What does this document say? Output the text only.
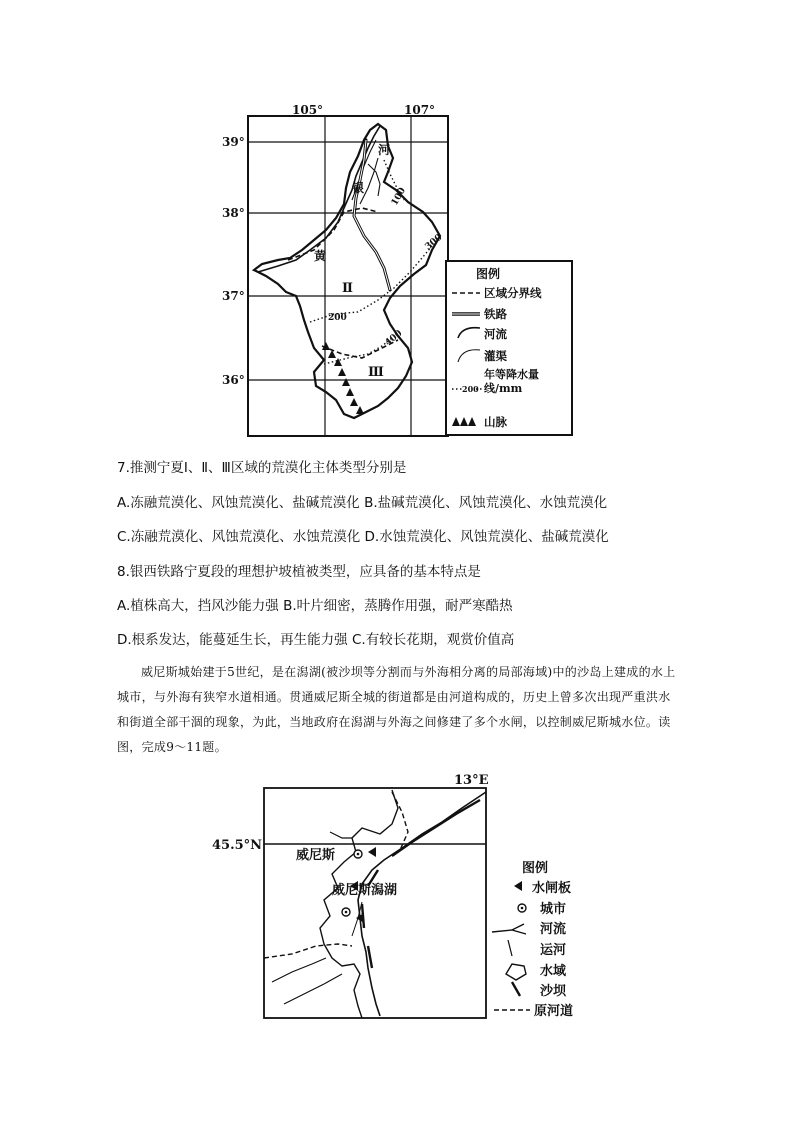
105°	107°
39°
38°
37°
36°
河
银
黄
Ⅱ
Ⅲ
100
300
400
200
图例
区域分界线
铁路
河流
灌渠
200
年等降水量线/mm
山脉
7.推测宁夏Ⅰ、Ⅱ、Ⅲ区域的荒漠化主体类型分别是
A.冻融荒漠化、风蚀荒漠化、盐碱荒漠化 B.盐碱荒漠化、风蚀荒漠化、水蚀荒漠化
C.冻融荒漠化、风蚀荒漠化、水蚀荒漠化 D.水蚀荒漠化、风蚀荒漠化、盐碱荒漠化
8.银西铁路宁夏段的理想护坡植被类型，应具备的基本特点是
A.植株高大，挡风沙能力强 B.叶片细密，蒸腾作用强，耐严寒酷热
D.根系发达，能蔓延生长，再生能力强 C.有较长花期，观赏价值高
威尼斯城始建于5世纪，是在潟湖(被沙坝等分割而与外海相分离的局部海域)中的沙岛上建成的水上城市，与外海有狭窄水道相通。贯通威尼斯全城的街道都是由河道构成的，历史上曾多次出现严重洪水和街道全部干涸的现象，为此，当地政府在潟湖与外海之间修建了多个水闸，以控制威尼斯城水位。读图，完成9～11题。
13°E
45.5°N
威尼斯
威尼斯潟湖
图例
水闸板
城市
河流
运河
水域
沙坝
原河道
